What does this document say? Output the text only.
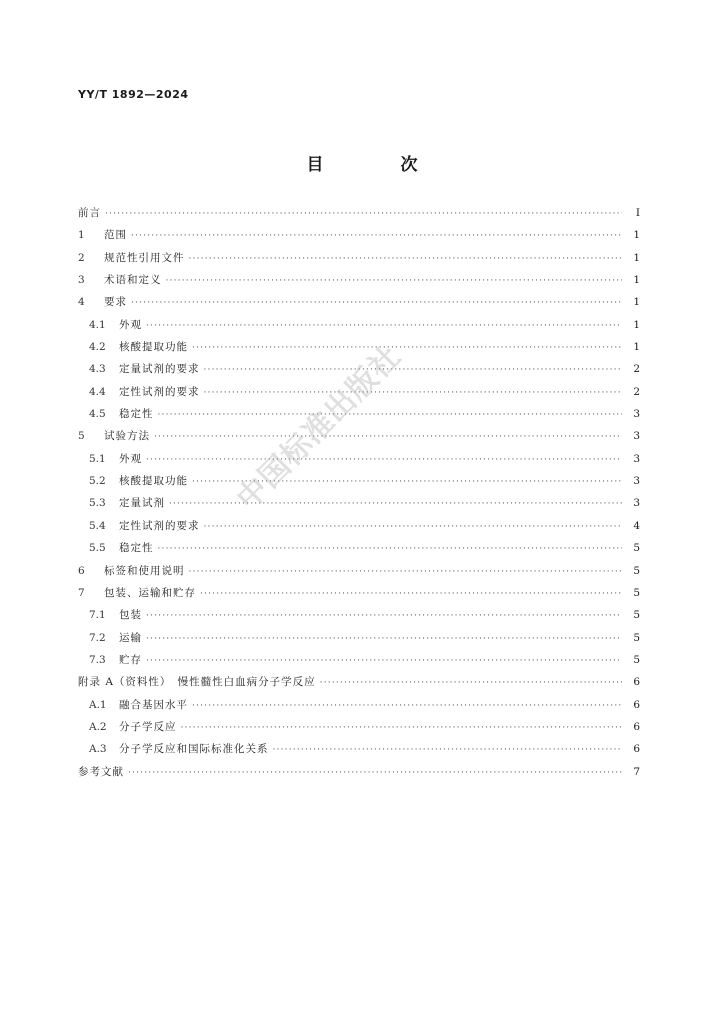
YY/T 1892—2024
目　次
前言 ·····	Ⅰ
1	范围 ·····	1
2	规范性引用文件 ·····	1
3	术语和定义 ·····	1
4	要求 ·····	1
4.1	外观 ·····	1
4.2	核酸提取功能 ·····	1
4.3	定量试剂的要求 ·····	2
4.4	定性试剂的要求 ·····	2
4.5	稳定性 ·····	3
5	试验方法 ·····	3
5.1	外观 ·····	3
5.2	核酸提取功能 ·····	3
5.3	定量试剂 ·····	3
5.4	定性试剂的要求 ·····	4
5.5	稳定性 ·····	5
6	标签和使用说明 ·····	5
7	包装、运输和贮存 ·····	5
7.1	包装 ·····	5
7.2	运输 ·····	5
7.3	贮存 ·····	5
附录 A（资料性）　慢性髓性白血病分子学反应 ·····	6
A.1	融合基因水平 ·····	6
A.2	分子学反应 ·····	6
A.3	分子学反应和国际标准化关系 ·····	6
参考文献 ·····	7
中国标准出版社
